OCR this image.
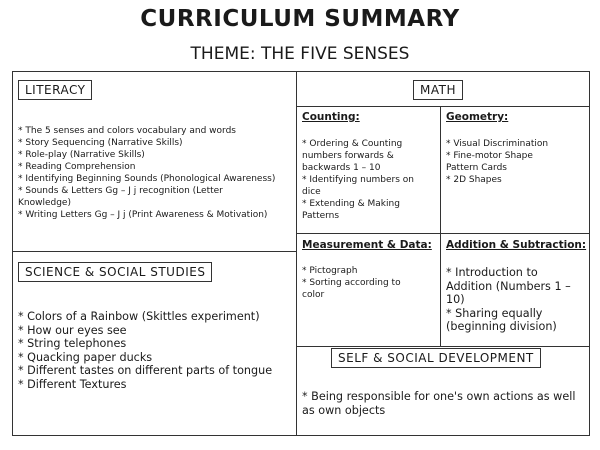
CURRICULUM SUMMARY
THEME: THE FIVE SENSES
LITERACY
* The 5 senses and colors vocabulary and words
* Story Sequencing (Narrative Skills)
* Role-play (Narrative Skills)
* Reading Comprehension
* Identifying Beginning Sounds (Phonological Awareness)
* Sounds & Letters Gg – J j recognition (Letter
Knowledge)
* Writing Letters Gg – J j (Print Awareness & Motivation)
SCIENCE & SOCIAL STUDIES
* Colors of a Rainbow (Skittles experiment)
* How our eyes see
* String telephones
* Quacking paper ducks
* Different tastes on different parts of tongue
* Different Textures
MATH
Counting:
* Ordering & Counting
numbers forwards &
backwards 1 – 10
* Identifying numbers on
dice
* Extending & Making
Patterns
Geometry:
* Visual Discrimination
* Fine-motor Shape
Pattern Cards
* 2D Shapes
Measurement & Data:
* Pictograph
* Sorting according to
color
Addition & Subtraction:
* Introduction to
Addition (Numbers 1 –
10)
* Sharing equally
(beginning division)
SELF & SOCIAL DEVELOPMENT
* Being responsible for one's own actions as well
as own objects
